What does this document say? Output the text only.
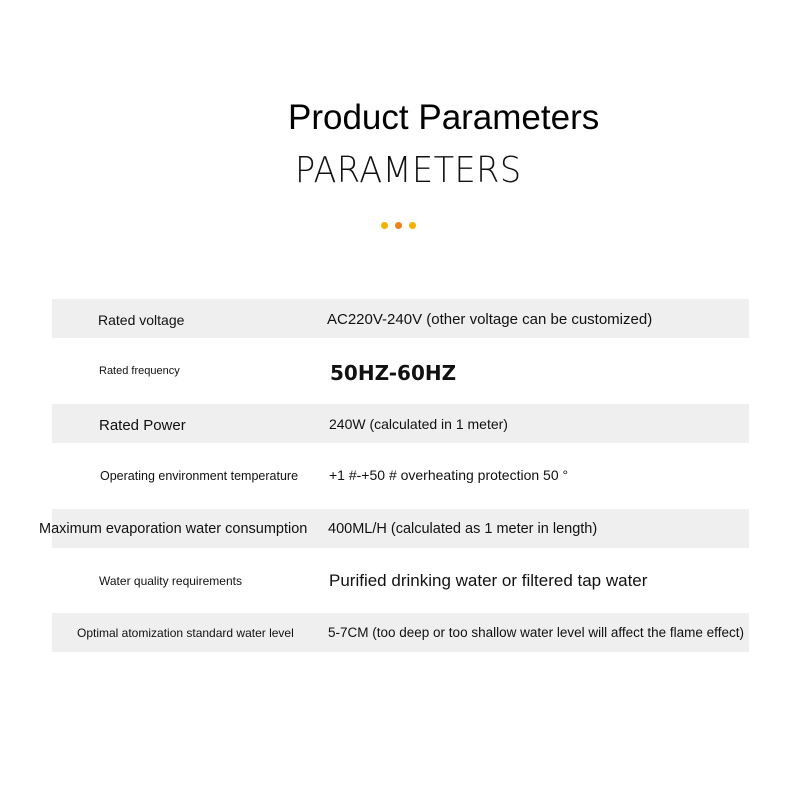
Product Parameters
PARAMETERS
Rated voltage	AC220V-240V (other voltage can be customized)
Rated frequency	50HZ-60HZ
Rated Power	240W (calculated in 1 meter)
Operating environment temperature +1 #-+50 # overheating protection 50 °
Maximum evaporation water consumption 400ML/H (calculated as 1 meter in length)
Water quality requirements	Purified drinking water or filtered tap water
Optimal atomization standard water level	5-7CM (too deep or too shallow water level will affect the flame effect)
